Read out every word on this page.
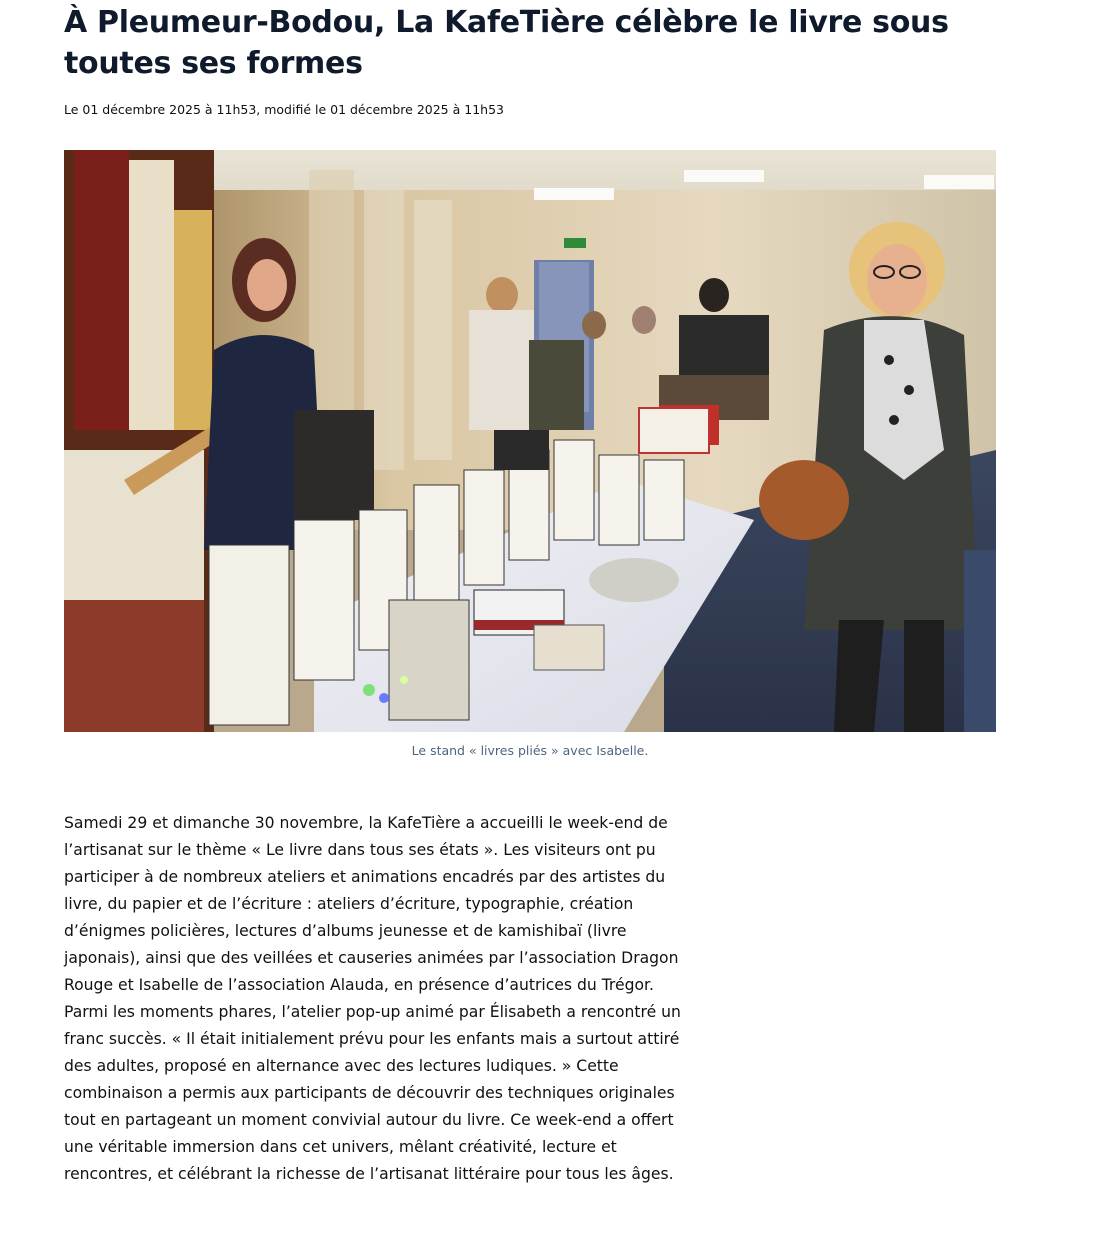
À Pleumeur-Bodou, La KafeTière célèbre le livre sous toutes ses formes
Le 01 décembre 2025 à 11h53, modifié le 01 décembre 2025 à 11h53
Le stand « livres pliés » avec Isabelle.

Samedi 29 et dimanche 30 novembre, la KafeTière a accueilli le week-end de l’artisanat sur le thème « Le livre dans tous ses états ». Les visiteurs ont pu participer à de nombreux ateliers et animations encadrés par des artistes du livre, du papier et de l’écriture : ateliers d’écriture, typographie, création d’énigmes policières, lectures d’albums jeunesse et de kamishibaï (livre japonais), ainsi que des veillées et causeries animées par l’association Dragon Rouge et Isabelle de l’association Alauda, en présence d’autrices du Trégor. Parmi les moments phares, l’atelier pop-up animé par Élisabeth a rencontré un franc succès. « Il était initialement prévu pour les enfants mais a surtout attiré des adultes, proposé en alternance avec des lectures ludiques. » Cette combinaison a permis aux participants de découvrir des techniques originales tout en partageant un moment convivial autour du livre. Ce week-end a offert une véritable immersion dans cet univers, mêlant créativité, lecture et rencontres, et célébrant la richesse de l’artisanat littéraire pour tous les âges.
